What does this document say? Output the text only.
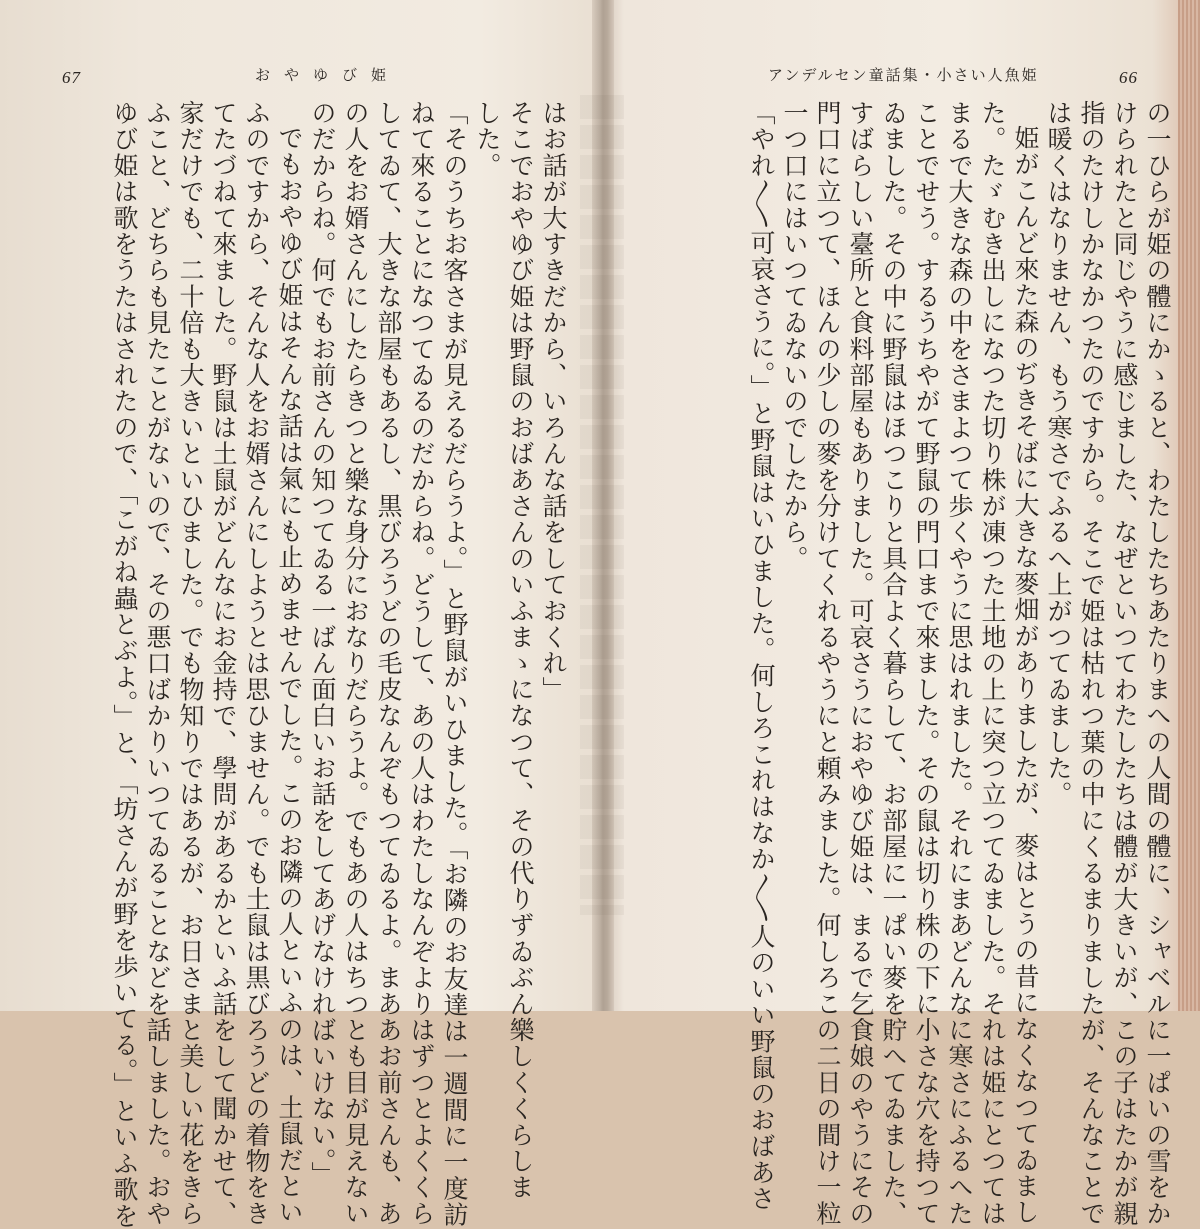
67	おやゆび姫
はお話が大すきだから、いろんな話をしておくれ」
そこでおやゆび姫は野鼠のおばあさんのいふまゝになつて、その代りずゐぶん樂しくくらしま
した。
「そのうちお客さまが見えるだらうよ。」と野鼠がいひました。「お隣のお友達は一週間に一度訪
ねて來ることになつてゐるのだからね。どうして、あの人はわたしなんぞよりはずつとよくくら
してゐて、大きな部屋もあるし、黒びろうどの毛皮なんぞもつてゐるよ。まああお前さんも、あ
の人をお婿さんにしたらきつと樂な身分におなりだらうよ。でもあの人はちつとも目が見えない
のだからね。何でもお前さんの知つてゐる一ばん面白いお話をしてあげなければいけない。」
でもおやゆび姫はそんな話は氣にも止めませんでした。このお隣の人といふのは、土鼠だとい
ふのですから、そんな人をお婿さんにしようとは思ひません。でも土鼠は黒びろうどの着物をき
てたづねて來ました。野鼠は土鼠がどんなにお金持で、學問があるかといふ話をして聞かせて、
家だけでも、二十倍も大きいといひました。でも物知りではあるが、お日さまと美しい花をきら
ふこと、どちらも見たことがないので、その悪口ばかりいつてゐることなどを話しました。おや
ゆび姫は歌をうたはされたので、「こがね蟲とぶよ。」と、「坊さんが野を歩いてる。」といふ歌を
66
アンデルセン童話集・小さい人魚姫
の一ひらが姫の體にかゝると、わたしたちあたりまへの人間の體に、シャベルに一ぱいの雪をか
けられたと同じやうに感じました、なぜといつてわたしたちは體が大きいが、この子はたかが親
指のたけしかなかつたのですから。そこで姫は枯れつ葉の中にくるまりましたが、そんなことで
は暖くはなりません、もう寒さでふるへ上がつてゐました。
姫がこんど來た森のぢきそばに大きな麥畑がありましたが、麥はとうの昔になくなつてゐまし
た。たゞむき出しになつた切り株が凍つた土地の上に突つ立つてゐました。それは姫にとつては
まるで大きな森の中をさまよつて歩くやうに思はれました。それにまあどんなに寒さにふるへた
ことでせう。するうちやがて野鼠の門口まで來ました。その鼠は切り株の下に小さな穴を持つて
ゐました。その中に野鼠はほつこりと具合よく暮らして、お部屋に一ぱい麥を貯へてゐました、
すばらしい臺所と食料部屋もありました。可哀さうにおやゆび姫は、まるで乞食娘のやうにその
門口に立つて、ほんの少しの麥を分けてくれるやうにと頼みました。何しろこの二日の間け一粒
一つ口にはいつてゐないのでしたから。
「やれ〳〵可哀さうに。」と野鼠はいひました。何しろこれはなか〳〵人のいい野鼠のおばあさ
